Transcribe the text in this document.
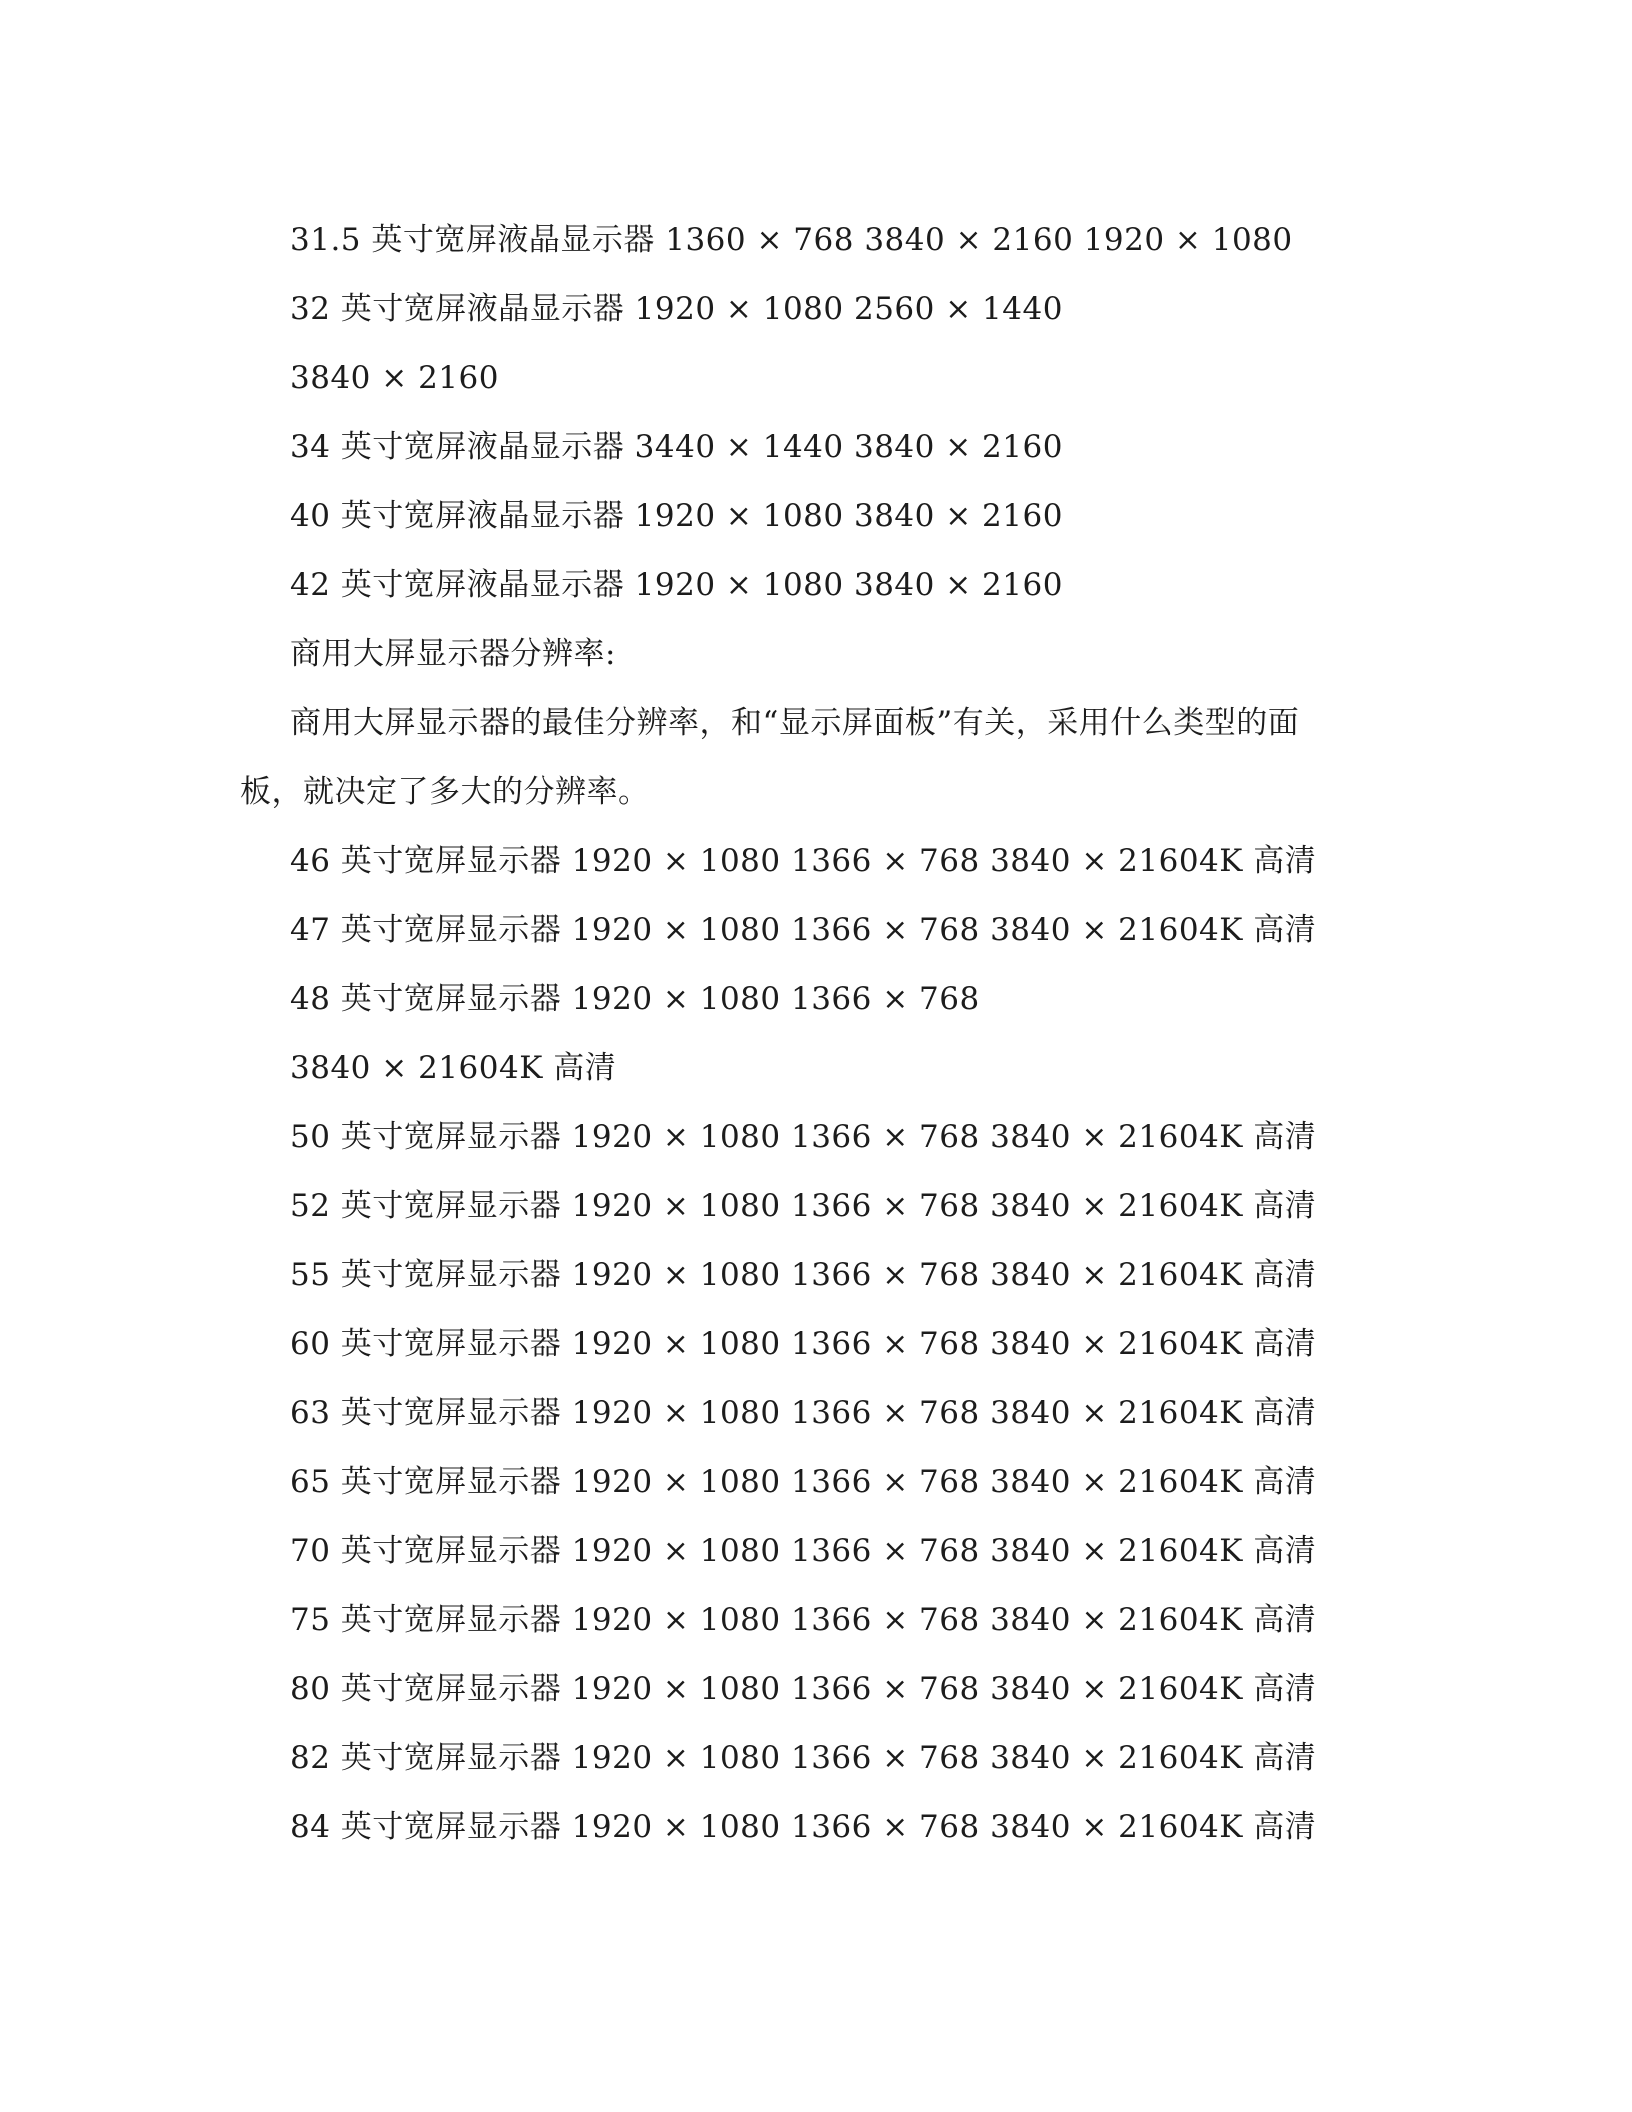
31.5 英寸宽屏液晶显示器 1360 × 768 3840 × 2160 1920 × 1080
32 英寸宽屏液晶显示器 1920 × 1080 2560 × 1440
3840 × 2160
34 英寸宽屏液晶显示器 3440 × 1440 3840 × 2160
40 英寸宽屏液晶显示器 1920 × 1080 3840 × 2160
42 英寸宽屏液晶显示器 1920 × 1080 3840 × 2160
商用大屏显示器分辨率:
商用大屏显示器的最佳分辨率，和“显示屏面板”有关，采用什么类型的面
板，就决定了多大的分辨率。
46 英寸宽屏显示器 1920 × 1080 1366 × 768 3840 × 21604K 高清
47 英寸宽屏显示器 1920 × 1080 1366 × 768 3840 × 21604K 高清
48 英寸宽屏显示器 1920 × 1080 1366 × 768
3840 × 21604K 高清
50 英寸宽屏显示器 1920 × 1080 1366 × 768 3840 × 21604K 高清
52 英寸宽屏显示器 1920 × 1080 1366 × 768 3840 × 21604K 高清
55 英寸宽屏显示器 1920 × 1080 1366 × 768 3840 × 21604K 高清
60 英寸宽屏显示器 1920 × 1080 1366 × 768 3840 × 21604K 高清
63 英寸宽屏显示器 1920 × 1080 1366 × 768 3840 × 21604K 高清
65 英寸宽屏显示器 1920 × 1080 1366 × 768 3840 × 21604K 高清
70 英寸宽屏显示器 1920 × 1080 1366 × 768 3840 × 21604K 高清
75 英寸宽屏显示器 1920 × 1080 1366 × 768 3840 × 21604K 高清
80 英寸宽屏显示器 1920 × 1080 1366 × 768 3840 × 21604K 高清
82 英寸宽屏显示器 1920 × 1080 1366 × 768 3840 × 21604K 高清
84 英寸宽屏显示器 1920 × 1080 1366 × 768 3840 × 21604K 高清
